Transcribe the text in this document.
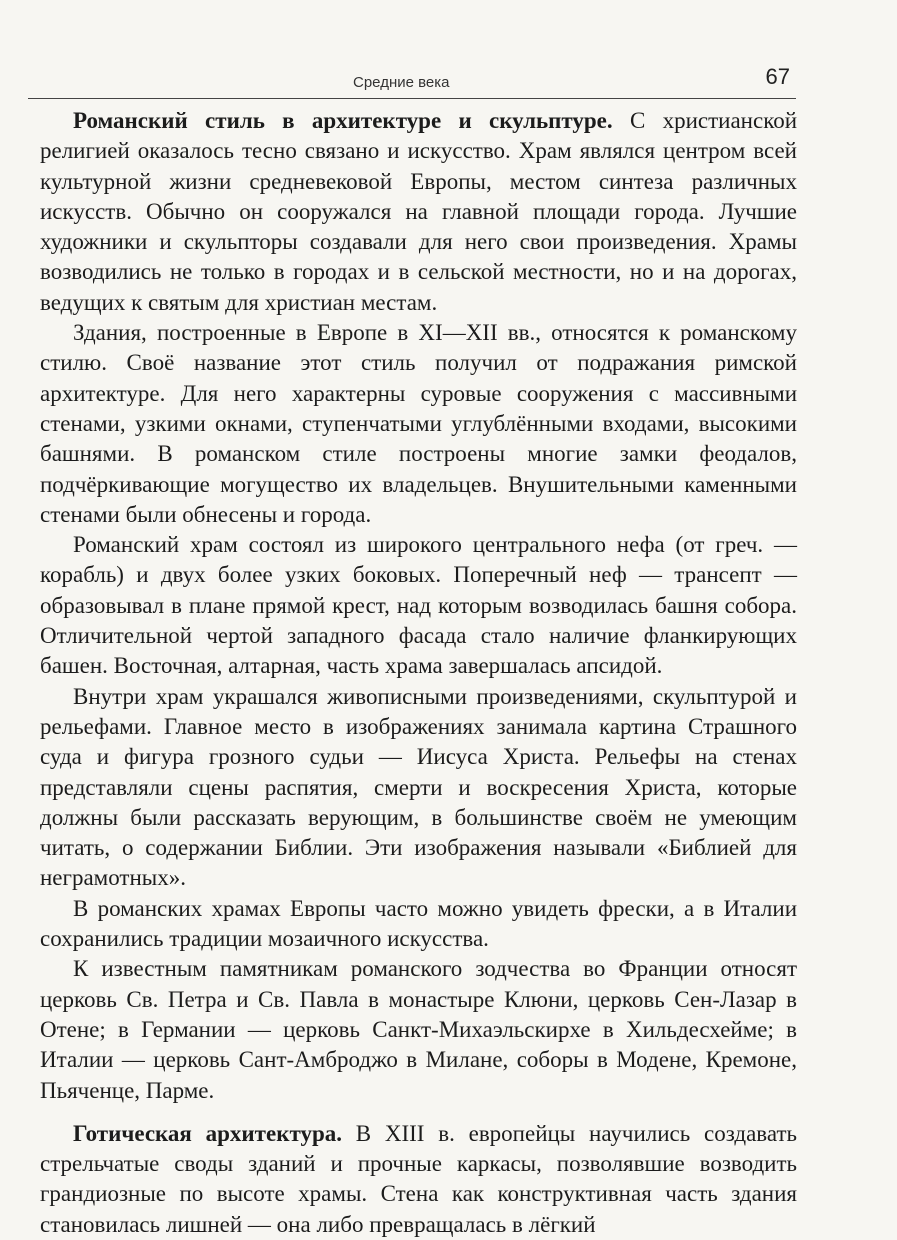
Средние века	67

Романский стиль в архитектуре и скульптуре. С христианской религией оказалось тесно связано и искусство. Храм являлся центром всей культурной жизни средневековой Европы, местом синтеза различных искусств. Обычно он сооружался на главной площади города. Лучшие художники и скульпторы создавали для него свои произведения. Храмы возводились не только в городах и в сельской местности, но и на дорогах, ведущих к святым для христиан местам.

Здания, построенные в Европе в XI—XII вв., относятся к романскому стилю. Своё название этот стиль получил от подражания римской архитектуре. Для него характерны суровые сооружения с массивными стенами, узкими окнами, ступенчатыми углублёнными входами, высокими башнями. В романском стиле построены многие замки феодалов, подчёркивающие могущество их владельцев. Внушительными каменными стенами были обнесены и города.

Романский храм состоял из широкого центрального нефа (от греч. — корабль) и двух более узких боковых. Поперечный неф — трансепт — образовывал в плане прямой крест, над которым возводилась башня собора. Отличительной чертой западного фасада стало наличие фланкирующих башен. Восточная, алтарная, часть храма завершалась апсидой.

Внутри храм украшался живописными произведениями, скульптурой и рельефами. Главное место в изображениях занимала картина Страшного суда и фигура грозного судьи — Иисуса Христа. Рельефы на стенах представляли сцены распятия, смерти и воскресения Христа, которые должны были рассказать верующим, в большинстве своём не умеющим читать, о содержании Библии. Эти изображения называли «Библией для неграмотных».

В романских храмах Европы часто можно увидеть фрески, а в Италии сохранились традиции мозаичного искусства.

К известным памятникам романского зодчества во Франции относят церковь Св. Петра и Св. Павла в монастыре Клюни, церковь Сен-Лазар в Отене; в Германии — церковь Санкт-Михаэльскирхе в Хильдесхейме; в Италии — церковь Сант-Амброджо в Милане, соборы в Модене, Кремоне, Пьяченце, Парме.

Готическая архитектура. В XIII в. европейцы научились создавать стрельчатые своды зданий и прочные каркасы, позволявшие возводить грандиозные по высоте храмы. Стена как конструктивная часть здания становилась лишней — она либо превращалась в лёгкий
